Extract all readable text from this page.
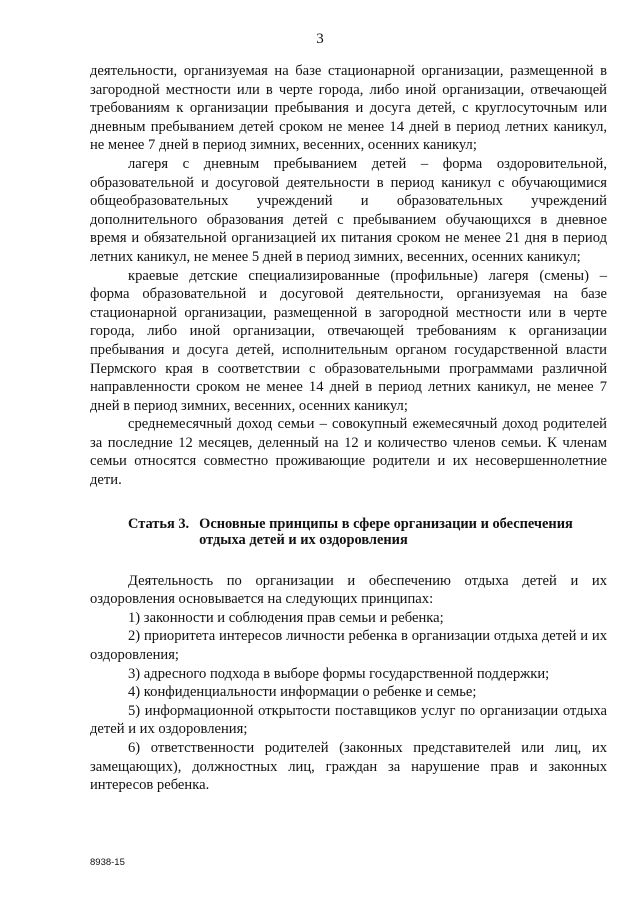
3

деятельности, организуемая на базе стационарной организации, размещенной в загородной местности или в черте города, либо иной организации, отвечающей требованиям к организации пребывания и досуга детей, с круглосуточным или дневным пребыванием детей сроком не менее 14 дней в период летних каникул, не менее 7 дней в период зимних, весенних, осенних каникул;

лагеря с дневным пребыванием детей – форма оздоровительной, образовательной и досуговой деятельности в период каникул с обучающимися общеобразовательных учреждений и образовательных учреждений дополнительного образования детей с пребыванием обучающихся в дневное время и обязательной организацией их питания сроком не менее 21 дня в период летних каникул, не менее 5 дней в период зимних, весенних, осенних каникул;

краевые детские специализированные (профильные) лагеря (смены) – форма образовательной и досуговой деятельности, организуемая на базе стационарной организации, размещенной в загородной местности или в черте города, либо иной организации, отвечающей требованиям к организации пребывания и досуга детей, исполнительным органом государственной власти Пермского края в соответствии с образовательными программами различной направленности сроком не менее 14 дней в период летних каникул, не менее 7 дней в период зимних, весенних, осенних каникул;

среднемесячный доход семьи – совокупный ежемесячный доход родителей за последние 12 месяцев, деленный на 12 и количество членов семьи. К членам семьи относятся совместно проживающие родители и их несовершеннолетние дети.

Статья 3. Основные принципы в сфере организации и обеспечения отдыха детей и их оздоровления

Деятельность по организации и обеспечению отдыха детей и их оздоровления основывается на следующих принципах:

1) законности и соблюдения прав семьи и ребенка;

2) приоритета интересов личности ребенка в организации отдыха детей и их оздоровления;

3) адресного подхода в выборе формы государственной поддержки;

4) конфиденциальности информации о ребенке и семье;

5) информационной открытости поставщиков услуг по организации отдыха детей и их оздоровления;

6) ответственности родителей (законных представителей или лиц, их замещающих), должностных лиц, граждан за нарушение прав и законных интересов ребенка.

8938-15
